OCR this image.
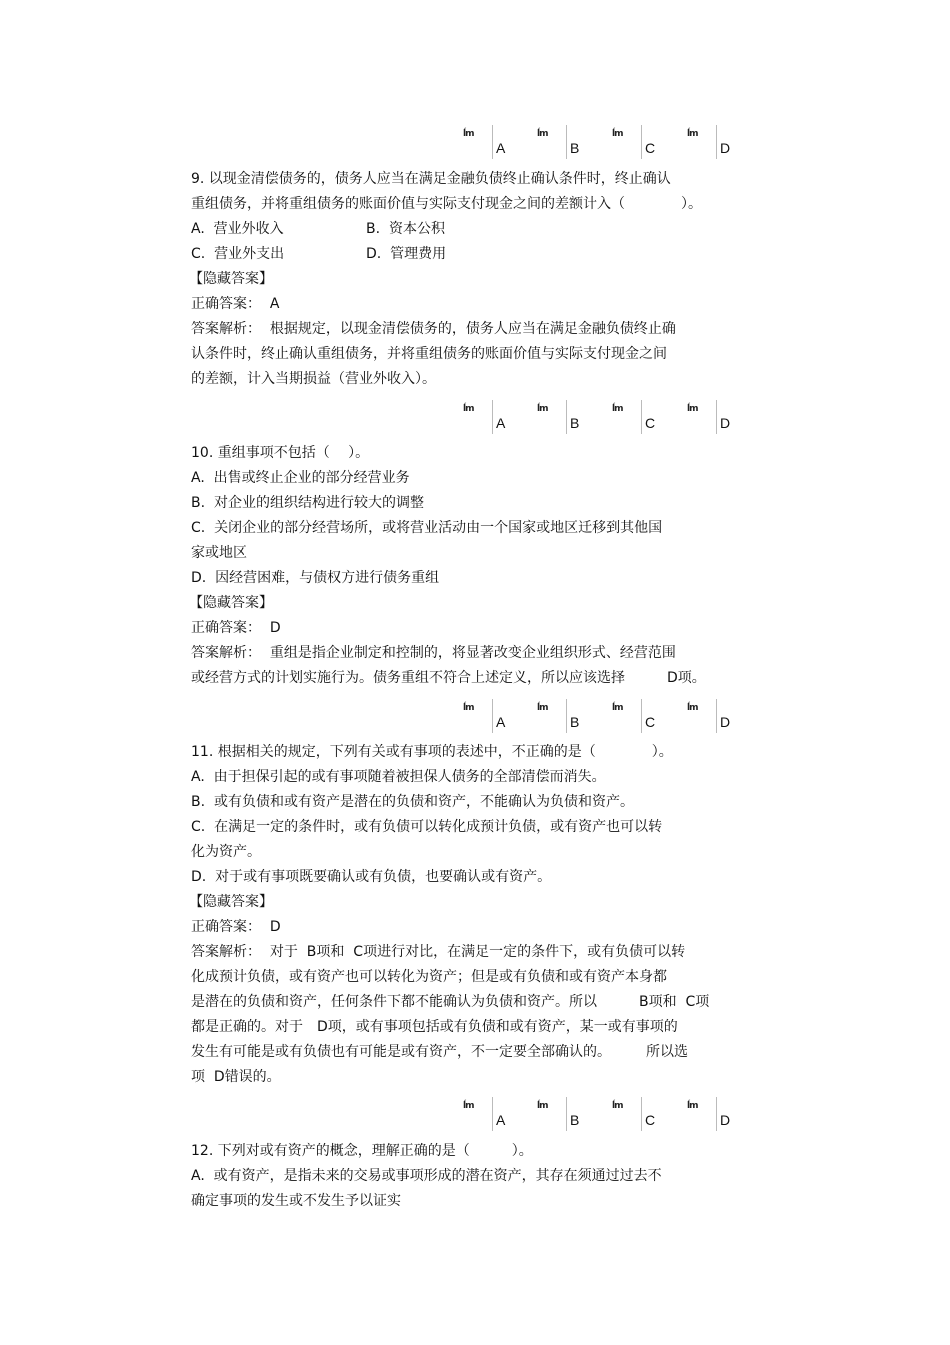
ĺm
A
ĺm
B
ĺm
C
ĺm
D
9. 以现金清偿债务的，债务人应当在满足金融负债终止确认条件时，终止确认
重组债务，并将重组债务的账面价值与实际支付现金之间的差额计入（　　　　）。
A.  营业外收入	B.  资本公积
C.  营业外支出	D.  管理费用
【隐藏答案】
正确答案：  A
答案解析：  根据规定，以现金清偿债务的，债务人应当在满足金融负债终止确
认条件时，终止确认重组债务，并将重组债务的账面价值与实际支付现金之间
的差额，计入当期损益（营业外收入）。
ĺm
A
ĺm
B
ĺm
C
ĺm
D
10. 重组事项不包括（　 ）。
A.  出售或终止企业的部分经营业务
B.  对企业的组织结构进行较大的调整
C.  关闭企业的部分经营场所，或将营业活动由一个国家或地区迁移到其他国
家或地区
D.  因经营困难，与债权方进行债务重组
【隐藏答案】
正确答案：  D
答案解析：  重组是指企业制定和控制的，将显著改变企业组织形式、经营范围
或经营方式的计划实施行为。债务重组不符合上述定义，所以应该选择　　　D项。
ĺm
A
ĺm
B
ĺm
C
ĺm
D
11. 根据相关的规定，下列有关或有事项的表述中，不正确的是（　　　　）。
A.  由于担保引起的或有事项随着被担保人债务的全部清偿而消失。
B.  或有负债和或有资产是潜在的负债和资产，不能确认为负债和资产。
C.  在满足一定的条件时，或有负债可以转化成预计负债，或有资产也可以转
化为资产。
D.  对于或有事项既要确认或有负债，也要确认或有资产。
【隐藏答案】
正确答案：  D
答案解析：  对于  B项和  C项进行对比，在满足一定的条件下，或有负债可以转
化成预计负债，或有资产也可以转化为资产；但是或有负债和或有资产本身都
是潜在的负债和资产，任何条件下都不能确认为负债和资产。所以　　　B项和  C项
都是正确的。对于　D项，或有事项包括或有负债和或有资产，某一或有事项的
发生有可能是或有负债也有可能是或有资产，不一定要全部确认的。　　　所以选
项  D错误的。
ĺm
A
ĺm
B
ĺm
C
ĺm
D
12. 下列对或有资产的概念，理解正确的是（　　　）。
A.  或有资产，是指未来的交易或事项形成的潜在资产，其存在须通过过去不
确定事项的发生或不发生予以证实
